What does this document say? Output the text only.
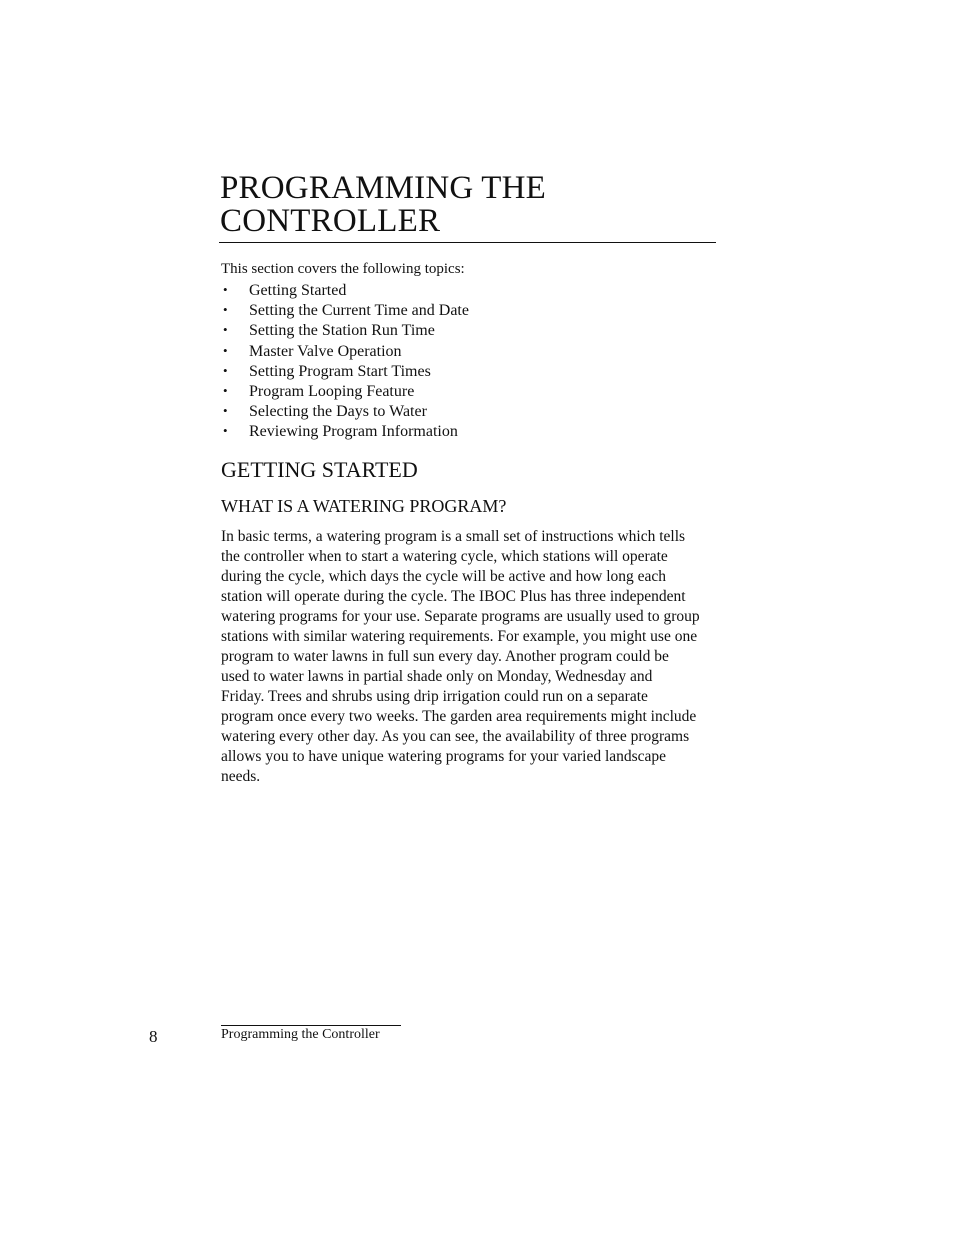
PROGRAMMING THE
CONTROLLER

This section covers the following topics:

• Getting Started
• Setting the Current Time and Date
• Setting the Station Run Time
• Master Valve Operation
• Setting Program Start Times
• Program Looping Feature
• Selecting the Days to Water
• Reviewing Program Information
GETTING STARTED
WHAT IS A WATERING PROGRAM?

In basic terms, a watering program is a small set of instructions which tells
the controller when to start a watering cycle, which stations will operate
during the cycle, which days the cycle will be active and how long each
station will operate during the cycle. The IBOC Plus has three independent
watering programs for your use. Separate programs are usually used to group
stations with similar watering requirements. For example, you might use one
program to water lawns in full sun every day. Another program could be
used to water lawns in partial shade only on Monday, Wednesday and
Friday. Trees and shrubs using drip irrigation could run on a separate
program once every two weeks. The garden area requirements might include
watering every other day. As you can see, the availability of three programs
allows you to have unique watering programs for your varied landscape
needs.

8	Programming the Controller
